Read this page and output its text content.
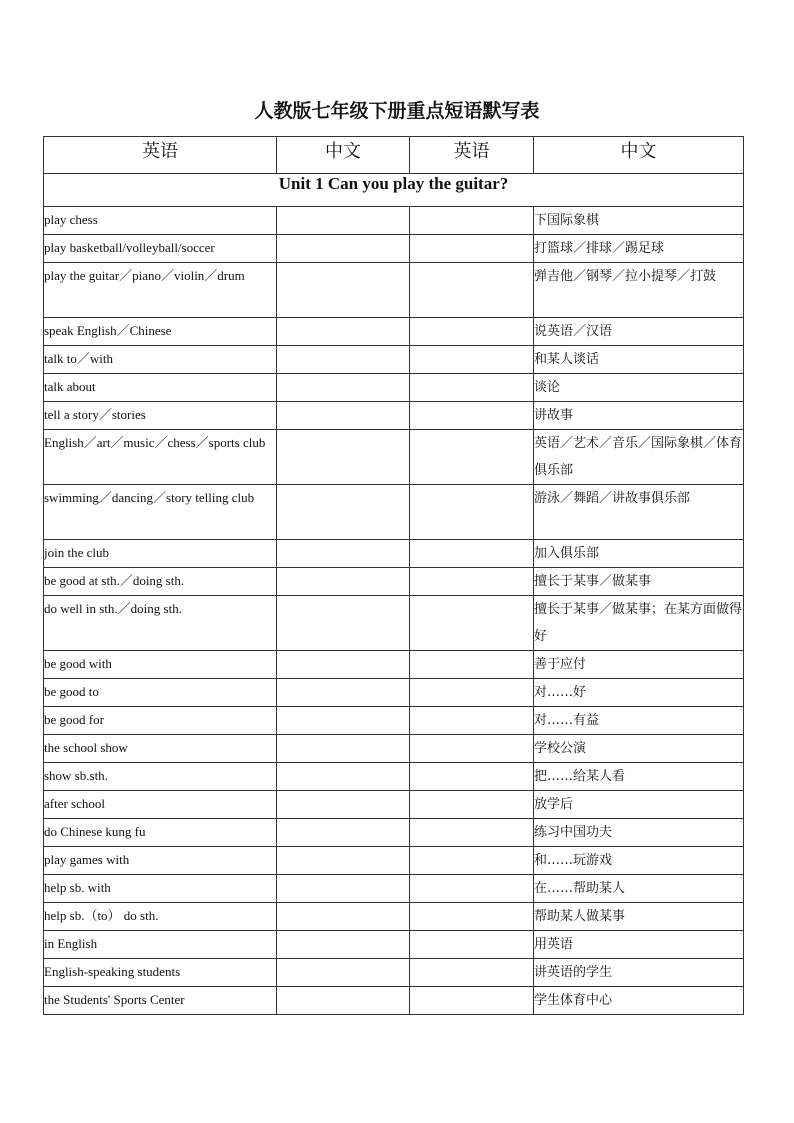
人教版七年级下册重点短语默写表
英语	中文	英语	中文
Unit 1 Can you play the guitar?			
play chess			下国际象棋
play basketball/volleyball/soccer			打篮球／排球／踢足球
play the guitar／piano／violin／drum			弹吉他／钢琴／拉小提琴／打鼓
speak English／Chinese			说英语／汉语
talk to／with			和某人谈话
talk about			谈论
tell a story／stories			讲故事
English／art／music／chess／sports club			英语／艺术／音乐／国际象棋／体育俱乐部
swimming／dancing／story telling club			游泳／舞蹈／讲故事俱乐部
join the club			加入俱乐部
be good at sth.／doing sth.			擅长于某事／做某事
do well in sth.／doing sth.			擅长于某事／做某事；在某方面做得好
be good with			善于应付
be good to			对……好
be good for			对……有益
the school show			学校公演
show sb.sth.			把……给某人看
after school			放学后
do Chinese kung fu			练习中国功夫
play games with			和……玩游戏
help sb. with			在……帮助某人
help sb.（to） do sth.			帮助某人做某事
in English			用英语
English-speaking students			讲英语的学生
the Students' Sports Center			学生体育中心
